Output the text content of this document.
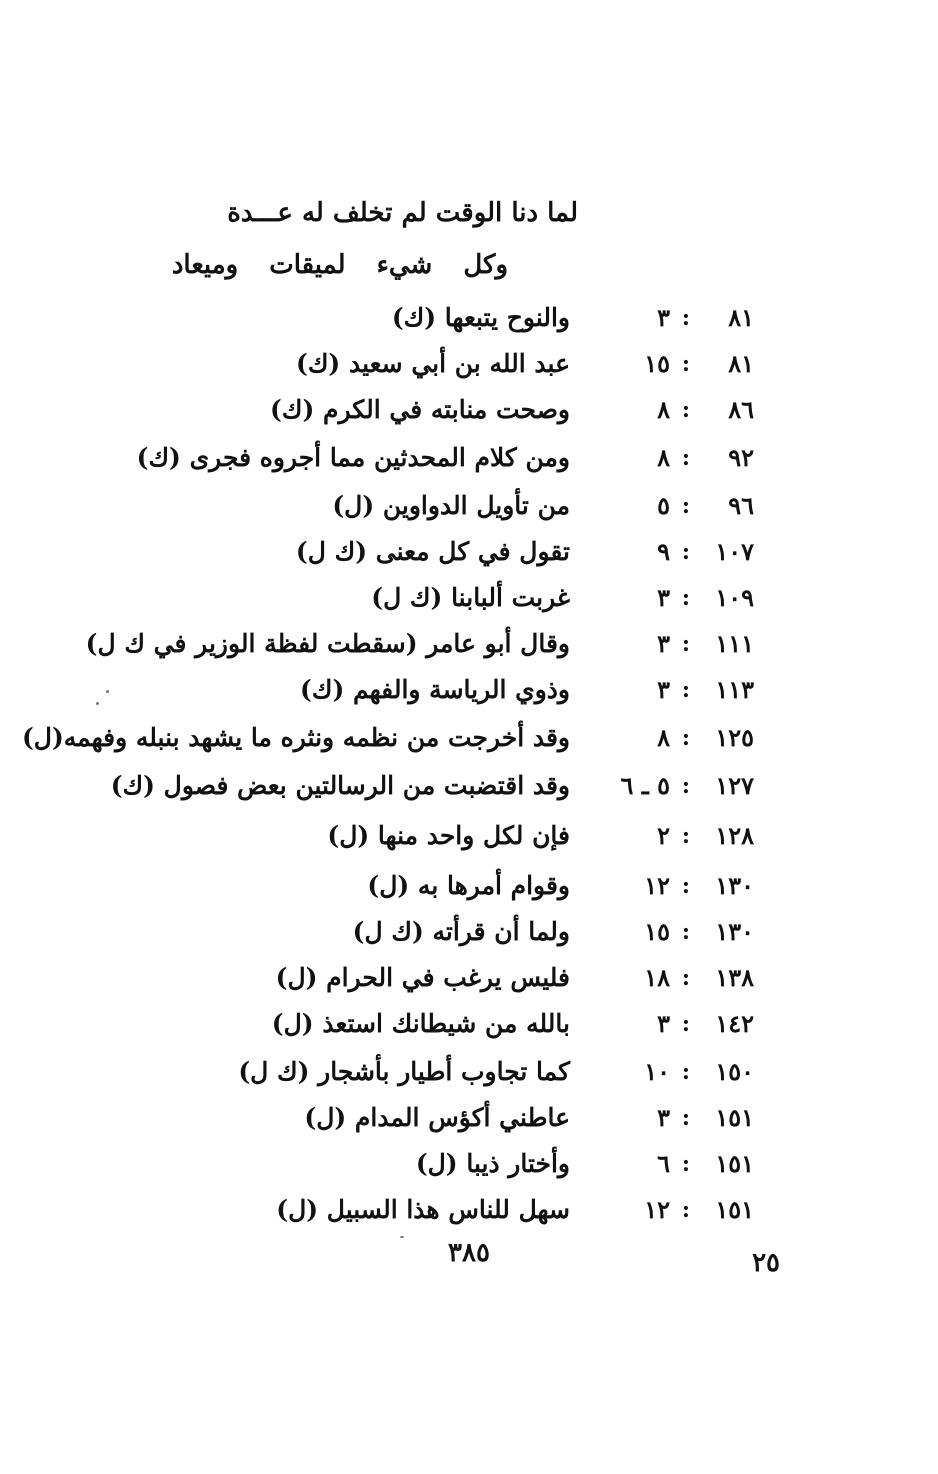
لما دنا الوقت لم تخلف له عـــدة
وكل شيء لميقات وميعاد
٨١
:
٣
والنوح يتبعها (ك)
٨١
:
١٥
عبد الله بن أبي سعيد (ك)
٨٦
:
٨
وصحت منابته في الكرم (ك)
٩٢
:
٨
ومن كلام المحدثين مما أجروه فجرى (ك)
٩٦
:
٥
من تأويل الدواوين (ل)
١٠٧
:
٩
تقول في كل معنى (ك ل)
١٠٩
:
٣
غربت ألبابنا (ك ل)
١١١
:
٣
وقال أبو عامر (سقطت لفظة الوزير في ك ل)
١١٣
:
٣
وذوي الرياسة والفهم (ك)
١٢٥
:
٨
وقد أخرجت من نظمه ونثره ما يشهد بنبله وفهمه(ل)
١٢٧
:
٥ ـ ٦
وقد اقتضبت من الرسالتين بعض فصول (ك)
١٢٨
:
٢
فإن لكل واحد منها (ل)
١٣٠
:
١٢
وقوام أمرها به (ل)
١٣٠
:
١٥
ولما أن قرأته (ك ل)
١٣٨
:
١٨
فليس يرغب في الحرام (ل)
١٤٢
:
٣
بالله من شيطانك استعذ (ل)
١٥٠
:
١٠
كما تجاوب أطيار بأشجار (ك ل)
١٥١
:
٣
عاطني أكؤس المدام (ل)
١٥١
:
٦
وأختار ذيبا (ل)
١٥١
:
١٢
سهل للناس هذا السبيل (ل)
٣٨٥	٢٥
